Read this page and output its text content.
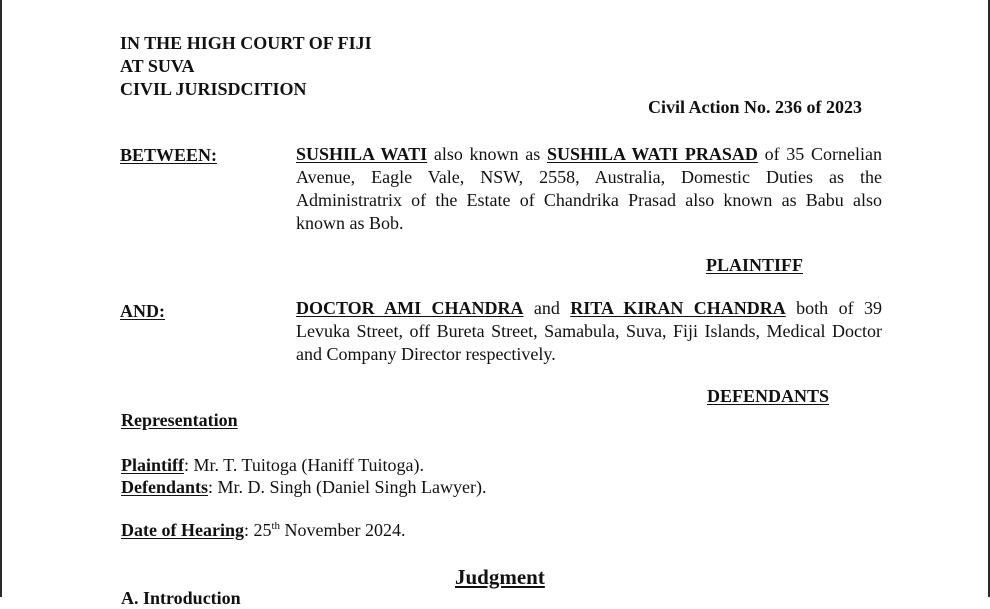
IN THE HIGH COURT OF FIJI
AT SUVA
CIVIL JURISDCITION
Civil Action No. 236 of 2023
BETWEEN:	SUSHILA WATI also known as SUSHILA WATI PRASAD of 35 Cornelian Avenue, Eagle Vale, NSW, 2558, Australia, Domestic Duties as the Administratrix of the Estate of Chandrika Prasad also known as Babu also known as Bob.
PLAINTIFF
AND:	DOCTOR AMI CHANDRA and RITA KIRAN CHANDRA both of 39 Levuka Street, off Bureta Street, Samabula, Suva, Fiji Islands, Medical Doctor and Company Director respectively.
DEFENDANTS
Representation
Plaintiff: Mr. T. Tuitoga (Haniff Tuitoga).
Defendants: Mr. D. Singh (Daniel Singh Lawyer).
Date of Hearing: 25th November 2024.
Judgment
A. Introduction
